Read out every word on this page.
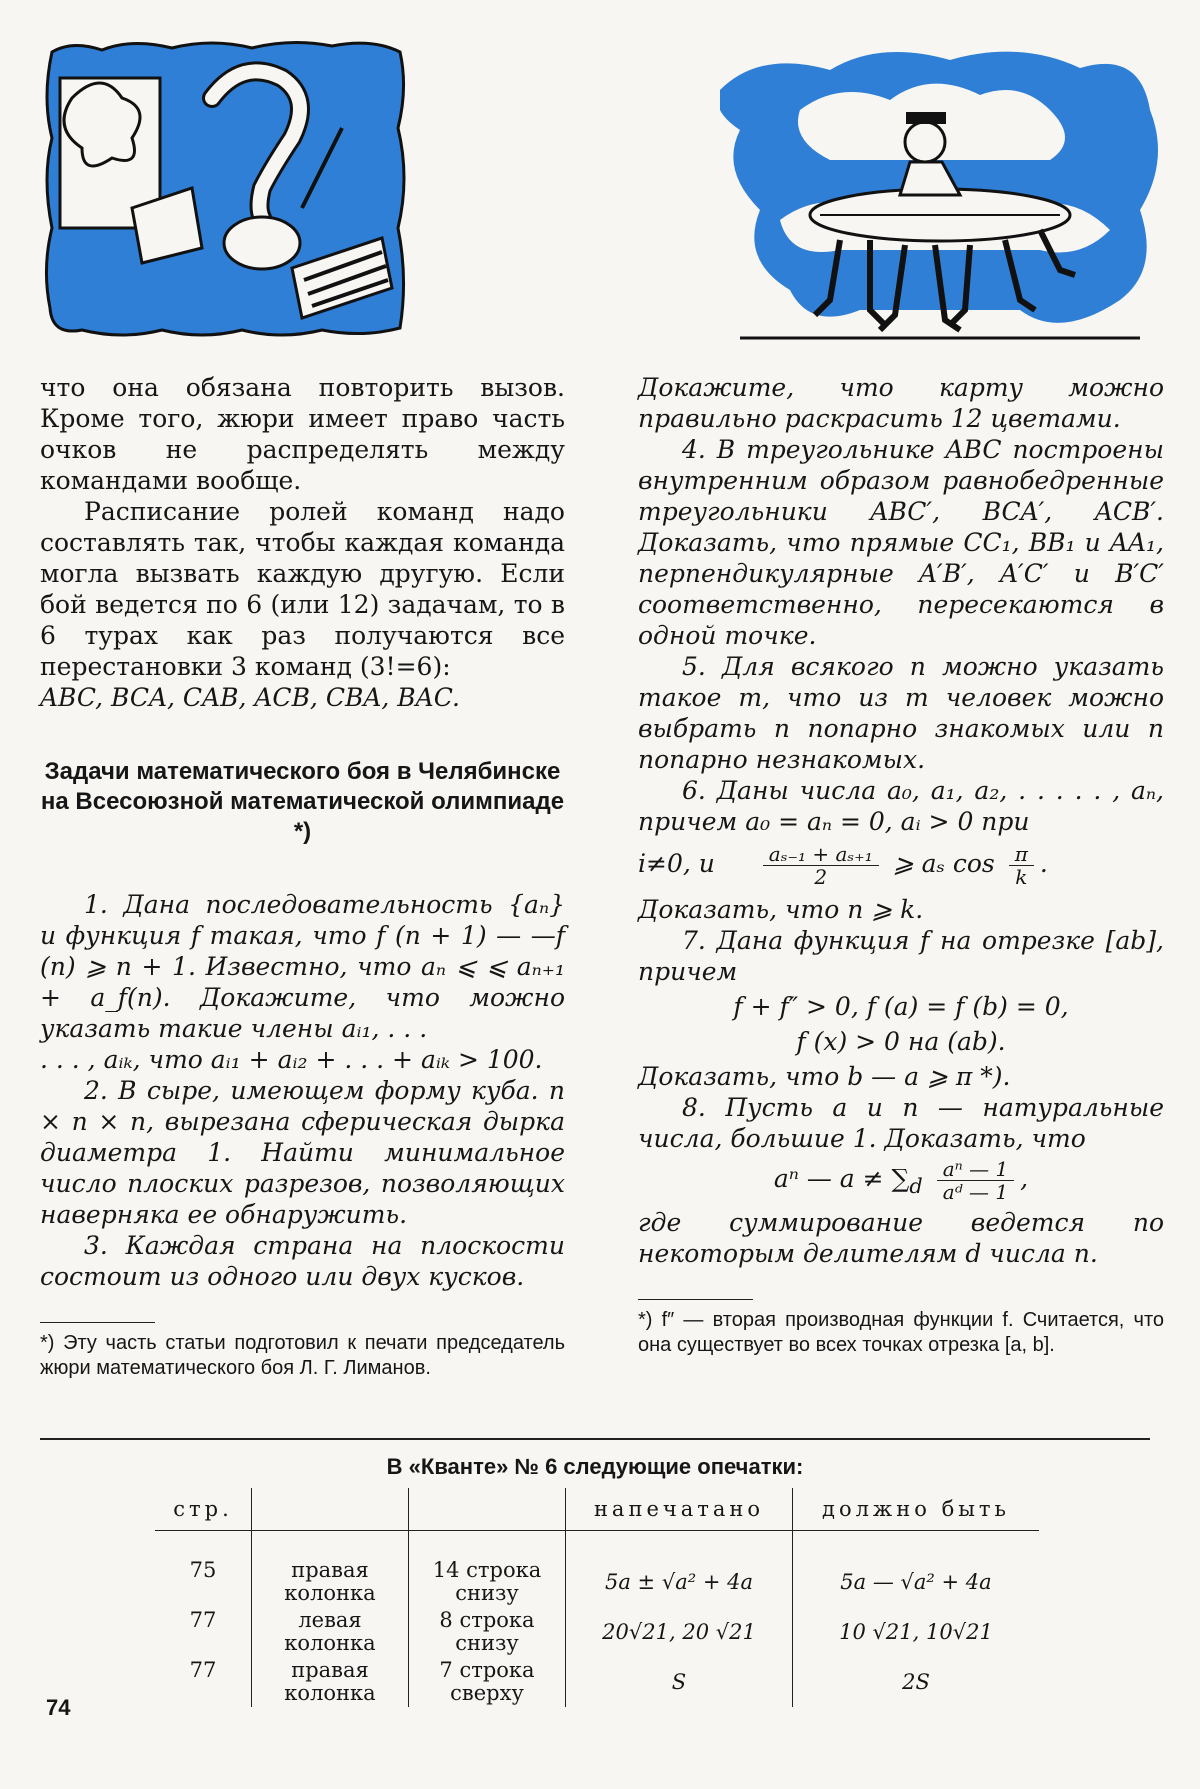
что она обязана повторить вызов. Кроме того, жюри имеет право часть очков не распределять между командами вообще.

Расписание ролей команд надо составлять так, чтобы каждая команда могла вызвать каждую другую. Если бой ведется по 6 (или 12) задачам, то в 6 турах как раз получаются все перестановки 3 команд (3!=6):

ABC, BCA, CAB, ACB, CBA, BAC.

Задачи математического боя в Челябинске на Всесоюзной математической олимпиаде *)

1. Дана последовательность {aₙ} и функция f такая, что f (n + 1) — —f (n) ⩾ n + 1. Известно, что aₙ ⩽ ⩽ aₙ₊₁ + a_f(n). Докажите, что можно указать такие члены aᵢ₁, . . .

. . . , aᵢₖ, что aᵢ₁ + aᵢ₂ + . . . + aᵢₖ > 100.

2. В сыре, имеющем форму куба. n × n × n, вырезана сферическая дырка диаметра 1. Найти минимальное число плоских разрезов, позволяющих наверняка ее обнаружить.

3. Каждая страна на плоскости состоит из одного или двух кусков.

*) Эту часть статьи подготовил к печати председатель жюри математического боя Л. Г. Лиманов.

Докажите, что карту можно правильно раскрасить 12 цветами.

4. В треугольнике ABC построены внутренним образом равнобедренные треугольники ABC′, BCA′, ACB′. Доказать, что прямые CC₁, BB₁ и AA₁, перпендикулярные A′B′, A′C′ и B′C′ соответственно, пересекаются в одной точке.

5. Для всякого n можно указать такое m, что из m человек можно выбрать n попарно знакомых или n попарно незнакомых.

6. Даны числа a₀, a₁, a₂, . . . . . , aₙ, причем a₀ = aₙ = 0, aᵢ > 0 при

i≠0, и $\frac{\text{aₛ₋₁ + aₛ₊₁}}{2}$ ⩾ aₛ $\cos \frac{\pi}{k}$ .

Доказать, что n ⩾ k.

7. Дана функция f на отрезке [ab], причем

f + f″ > 0, f (a) = f (b) = 0,
f (x) > 0 на (ab).

Доказать, что b — a ⩾ π *).

8. Пусть a и n — натуральные числа, большие 1. Доказать, что

aⁿ — $a \ne \sum_d \frac{\text{aⁿ — 1}}{\text{aᵈ — 1}}$ ,

где суммирование ведется по некоторым делителям d числа n.

*) f″ — вторая производная функции f. Считается, что она существует во всех точках отрезка [a, b].

В «Кванте» № 6 следующие опечатки:
стр.			напечатано	должно быть
75	правая колонка	14 строка снизу	5a ± √a² + 4a	5a — √a² + 4a
77	левая колонка	8 строка снизу	20√21, 20 √21	10 √21, 10√21
77	правая колонка	7 строка сверху	S	2S
74
